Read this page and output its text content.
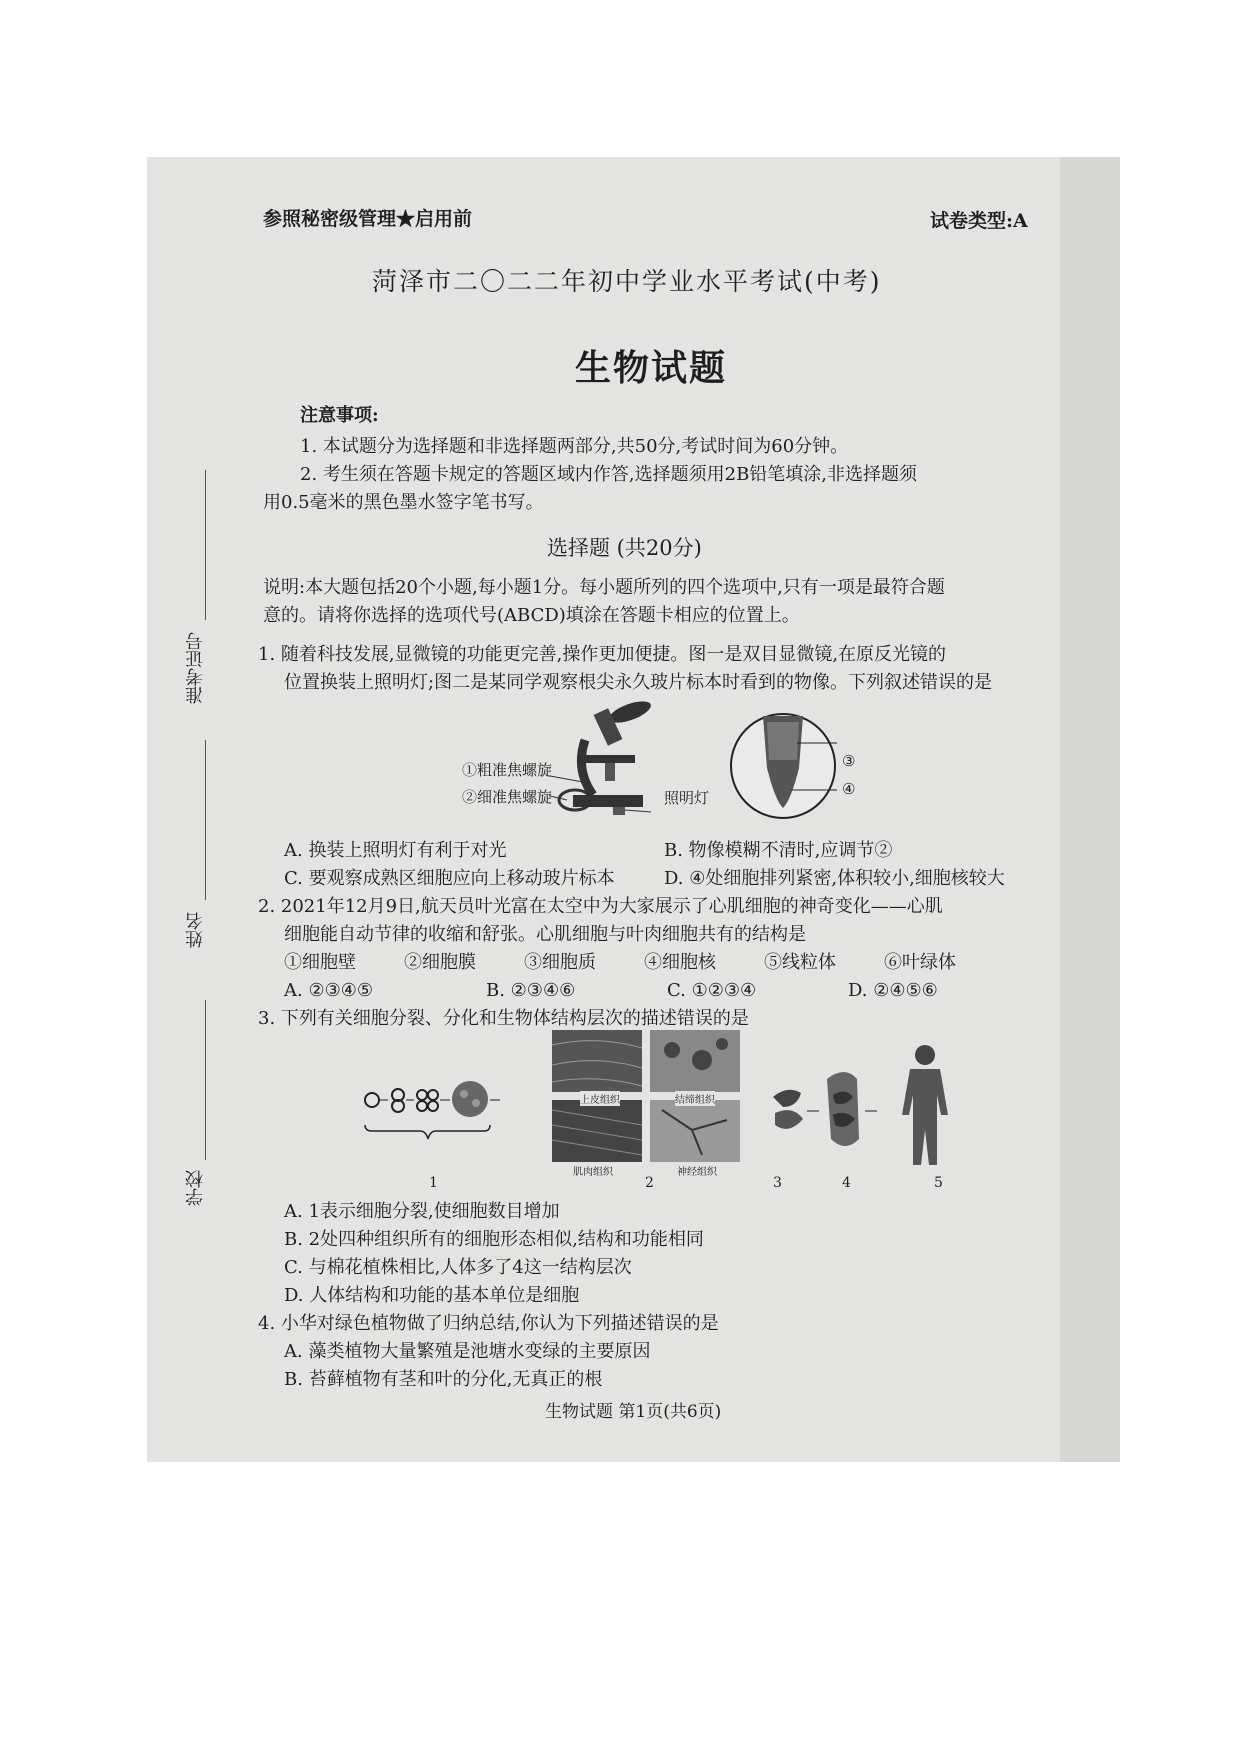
参照秘密级管理★启用前	试卷类型:A
菏泽市二〇二二年初中学业水平考试(中考)
生物试题
注意事项:
1. 本试题分为选择题和非选择题两部分,共50分,考试时间为60分钟。
2. 考生须在答题卡规定的答题区域内作答,选择题须用2B铅笔填涂,非选择题须
用0.5毫米的黑色墨水签字笔书写。
选择题 (共20分)
说明:本大题包括20个小题,每小题1分。每小题所列的四个选项中,只有一项是最符合题
意的。请将你选择的选项代号(ABCD)填涂在答题卡相应的位置上。
准考证号
姓名
学校
1. 随着科技发展,显微镜的功能更完善,操作更加便捷。图一是双目显微镜,在原反光镜的
位置换装上照明灯;图二是某同学观察根尖永久玻片标本时看到的物像。下列叙述错误的是
①粗准焦螺旋
②细准焦螺旋	照明灯
③
④
A. 换装上照明灯有利于对光	B. 物像模糊不清时,应调节②
C. 要观察成熟区细胞应向上移动玻片标本	D. ④处细胞排列紧密,体积较小,细胞核较大
2. 2021年12月9日,航天员叶光富在太空中为大家展示了心肌细胞的神奇变化——心肌
细胞能自动节律的收缩和舒张。心肌细胞与叶肉细胞共有的结构是
①细胞壁	②细胞膜	③细胞质	④细胞核	⑤线粒体	⑥叶绿体
A. ②③④⑤	B. ②③④⑥	C. ①②③④	D. ②④⑤⑥
3. 下列有关细胞分裂、分化和生物体结构层次的描述错误的是
1
上皮组织	结缔组织
肌肉组织	神经组织
2	3	4	5
A. 1表示细胞分裂,使细胞数目增加
B. 2处四种组织所有的细胞形态相似,结构和功能相同
C. 与棉花植株相比,人体多了4这一结构层次
D. 人体结构和功能的基本单位是细胞
4. 小华对绿色植物做了归纳总结,你认为下列描述错误的是
A. 藻类植物大量繁殖是池塘水变绿的主要原因
B. 苔藓植物有茎和叶的分化,无真正的根
生物试题 第1页(共6页)
